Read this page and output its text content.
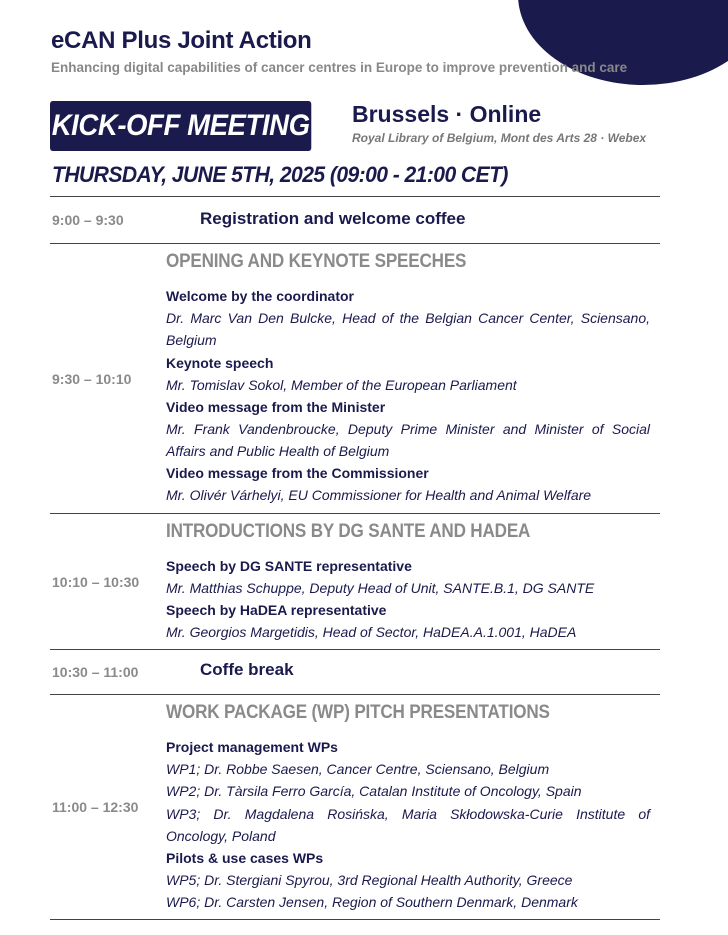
eCAN Plus Joint Action
Enhancing digital capabilities of cancer centres in Europe to improve prevention and care
KICK-OFF MEETING Brussels · Online
Royal Library of Belgium, Mont des Arts 28 · Webex
THURSDAY, JUNE 5TH, 2025 (09:00 - 21:00 CET)
9:00 – 9:30	Registration and welcome coffee
9:30 – 10:10
OPENING AND KEYNOTE SPEECHES
Welcome by the coordinator
Dr. Marc Van Den Bulcke, Head of the Belgian Cancer Center, Sciensano, Belgium
Keynote speech
Mr. Tomislav Sokol, Member of the European Parliament
Video message from the Minister
Mr. Frank Vandenbroucke, Deputy Prime Minister and Minister of Social Affairs and Public Health of Belgium
Video message from the Commissioner
Mr. Olivér Várhelyi, EU Commissioner for Health and Animal Welfare
10:10 – 10:30
INTRODUCTIONS BY DG SANTE AND HADEA
Speech by DG SANTE representative
Mr. Matthias Schuppe, Deputy Head of Unit, SANTE.B.1, DG SANTE
Speech by HaDEA representative
Mr. Georgios Margetidis, Head of Sector, HaDEA.A.1.001, HaDEA
10:30 – 11:00	Coffe break
11:00 – 12:30
WORK PACKAGE (WP) PITCH PRESENTATIONS
Project management WPs
WP1; Dr. Robbe Saesen, Cancer Centre, Sciensano, Belgium
WP2; Dr. Tàrsila Ferro García, Catalan Institute of Oncology, Spain
WP3; Dr. Magdalena Rosińska, Maria Skłodowska-Curie Institute of Oncology, Poland
Pilots & use cases WPs
WP5; Dr. Stergiani Spyrou, 3rd Regional Health Authority, Greece
WP6; Dr. Carsten Jensen, Region of Southern Denmark, Denmark
